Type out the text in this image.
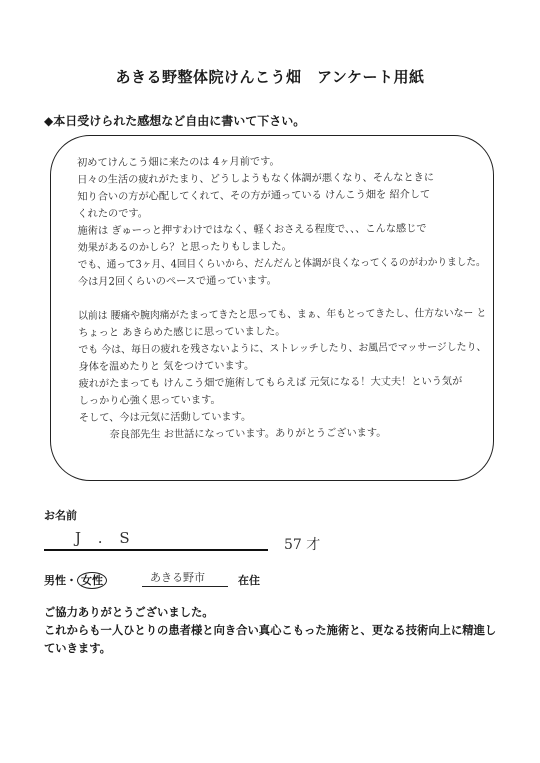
あきる野整体院けんこう畑　アンケート用紙
◆本日受けられた感想など自由に書いて下さい。
初めてけんこう畑に来たのは 4ヶ月前です。
日々の生活の疲れがたまり、どうしようもなく体調が悪くなり、そんなときに
知り合いの方が心配してくれて、その方が通っている けんこう畑を 紹介して
くれたのです。
施術は ぎゅーっと押すわけではなく、軽くおさえる程度で、、、こんな感じで
効果があるのかしら？と思ったりもしました。
でも、通って3ヶ月、4回目くらいから、だんだんと体調が良くなってくるのがわかりました。
今は月2回くらいのペースで通っています。
以前は 腰痛や腕肉痛がたまってきたと思っても、まぁ、年もとってきたし、仕方ないなー と
ちょっと あきらめた感じに思っていました。
でも 今は、毎日の疲れを残さないように、ストレッチしたり、お風呂でマッサージしたり、
身体を温めたりと 気をつけています。
疲れがたまっても けんこう畑で施術してもらえば 元気になる！大丈夫！という気が
しっかり心強く思っています。
そして、今は元気に活動しています。
　　　奈良部先生 お世話になっています。ありがとうございます。
お名前
J . S	57 才
男性・ 女性	あきる野市	在住
ご協力ありがとうございました。
これからも一人ひとりの患者様と向き合い真心こもった施術と、更なる技術向上に精進し
ていきます。
